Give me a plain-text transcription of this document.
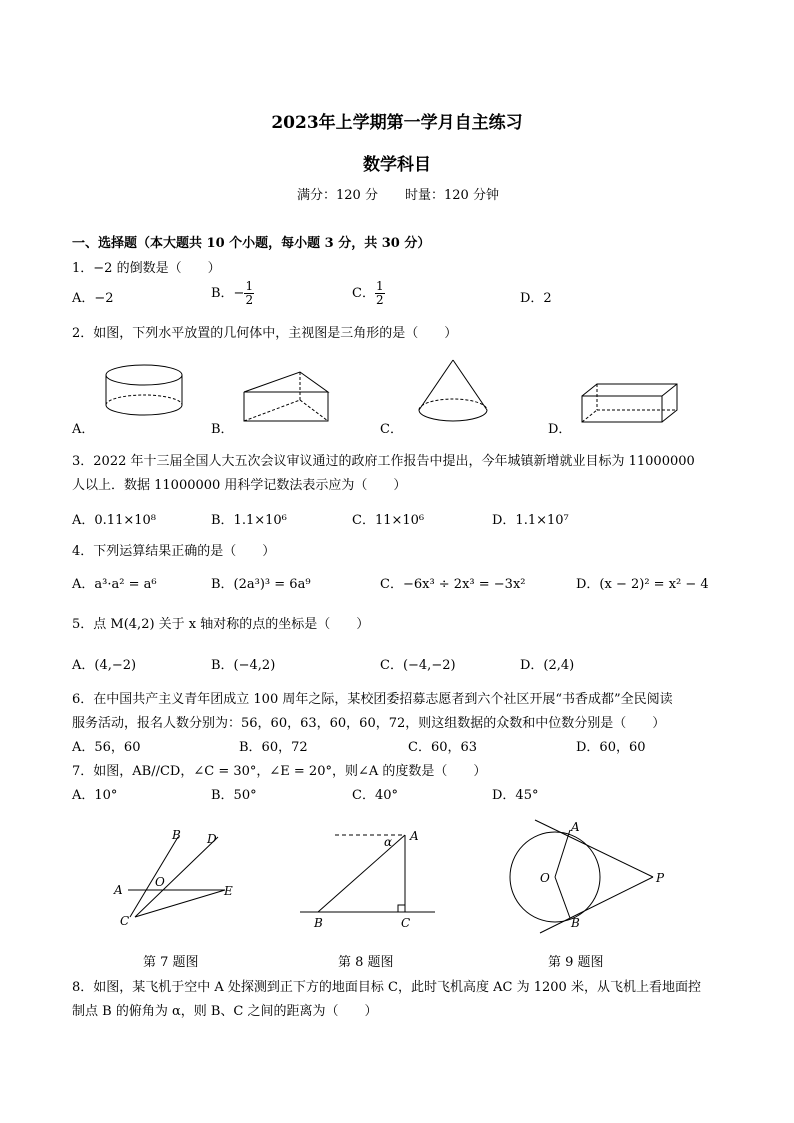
2023年上学期第一学月自主练习
数学科目
满分：120 分 时量：120 分钟
一、选择题（本大题共 10 个小题，每小题 3 分，共 30 分）
1．−2 的倒数是（　　）
A．−2	B．− $\frac{1}{2}$	C． $\frac{1}{2}$	D．2
2．如图，下列水平放置的几何体中，主视图是三角形的是（　　）
A．	B．	C．	D．
3．2022 年十三届全国人大五次会议审议通过的政府工作报告中提出，今年城镇新增就业目标为 11000000
人以上．数据 11000000 用科学记数法表示应为（　　）
A．0.11×10⁸	B．1.1×10⁶	C．11×10⁶	D．1.1×10⁷
4．下列运算结果正确的是（　　）
A．a³·a² = a⁶	B．(2a³)³ = 6a⁹	C．−6x³ ÷ 2x³ = −3x²	D．(x − 2)² = x² − 4
5．点 M(4,2) 关于 x 轴对称的点的坐标是（　　）
A．(4,−2)	B．(−4,2)	C．(−4,−2)	D．(2,4)
6．在中国共产主义青年团成立 100 周年之际，某校团委招募志愿者到六个社区开展“书香成都”全民阅读
服务活动，报名人数分别为：56，60，63，60，60，72，则这组数据的众数和中位数分别是（　　）
A．56，60	B．60，72	C．60，63	D．60，60
7．如图，AB//CD，∠C = 30°，∠E = 20°，则∠A 的度数是（　　）
A．10°	B．50°	C．40°	D．45°
B D
A
O
E
C
A
α
B	C
A
O
B
P
第 7 题图	第 8 题图	第 9 题图
8．如图，某飞机于空中 A 处探测到正下方的地面目标 C，此时飞机高度 AC 为 1200 米，从飞机上看地面控
制点 B 的俯角为 α，则 B、C 之间的距离为（　　）
